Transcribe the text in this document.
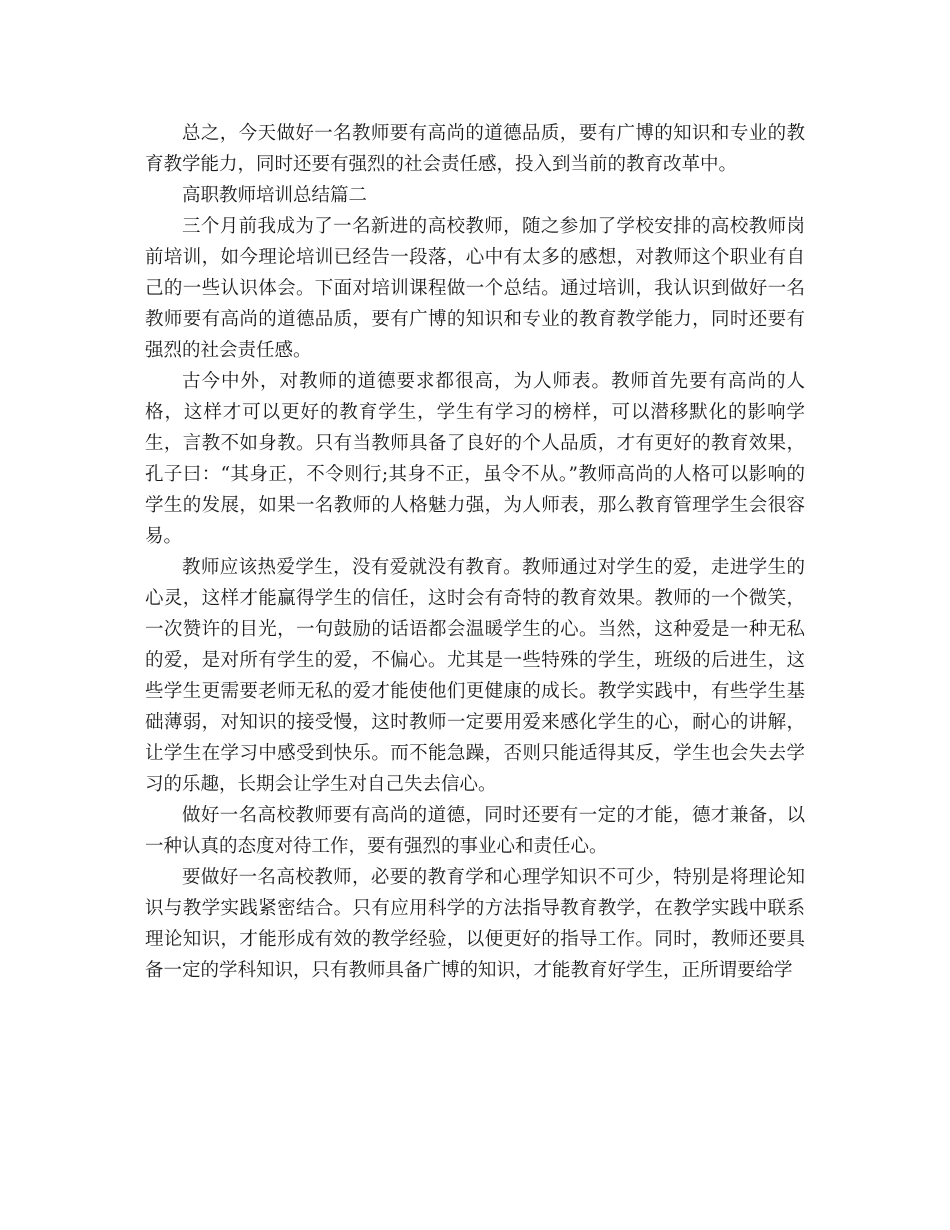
总之，今天做好一名教师要有高尚的道德品质，要有广博的知识和专业的教育教学能力，同时还要有强烈的社会责任感，投入到当前的教育改革中。

高职教师培训总结篇二

三个月前我成为了一名新进的高校教师，随之参加了学校安排的高校教师岗前培训，如今理论培训已经告一段落，心中有太多的感想，对教师这个职业有自己的一些认识体会。下面对培训课程做一个总结。通过培训，我认识到做好一名教师要有高尚的道德品质，要有广博的知识和专业的教育教学能力，同时还要有强烈的社会责任感。

古今中外，对教师的道德要求都很高，为人师表。教师首先要有高尚的人格，这样才可以更好的教育学生，学生有学习的榜样，可以潜移默化的影响学生，言教不如身教。只有当教师具备了良好的个人品质，才有更好的教育效果，孔子曰：“其身正，不令则行;其身不正，虽令不从。”教师高尚的人格可以影响的学生的发展，如果一名教师的人格魅力强，为人师表，那么教育管理学生会很容易。

教师应该热爱学生，没有爱就没有教育。教师通过对学生的爱，走进学生的心灵，这样才能赢得学生的信任，这时会有奇特的教育效果。教师的一个微笑，一次赞许的目光，一句鼓励的话语都会温暖学生的心。当然，这种爱是一种无私的爱，是对所有学生的爱，不偏心。尤其是一些特殊的学生，班级的后进生，这些学生更需要老师无私的爱才能使他们更健康的成长。教学实践中，有些学生基础薄弱，对知识的接受慢，这时教师一定要用爱来感化学生的心，耐心的讲解，让学生在学习中感受到快乐。而不能急躁，否则只能适得其反，学生也会失去学习的乐趣，长期会让学生对自己失去信心。

做好一名高校教师要有高尚的道德，同时还要有一定的才能，德才兼备，以一种认真的态度对待工作，要有强烈的事业心和责任心。

要做好一名高校教师，必要的教育学和心理学知识不可少，特别是将理论知识与教学实践紧密结合。只有应用科学的方法指导教育教学，在教学实践中联系理论知识，才能形成有效的教学经验，以便更好的指导工作。同时，教师还要具备一定的学科知识，只有教师具备广博的知识，才能教育好学生，正所谓要给学
